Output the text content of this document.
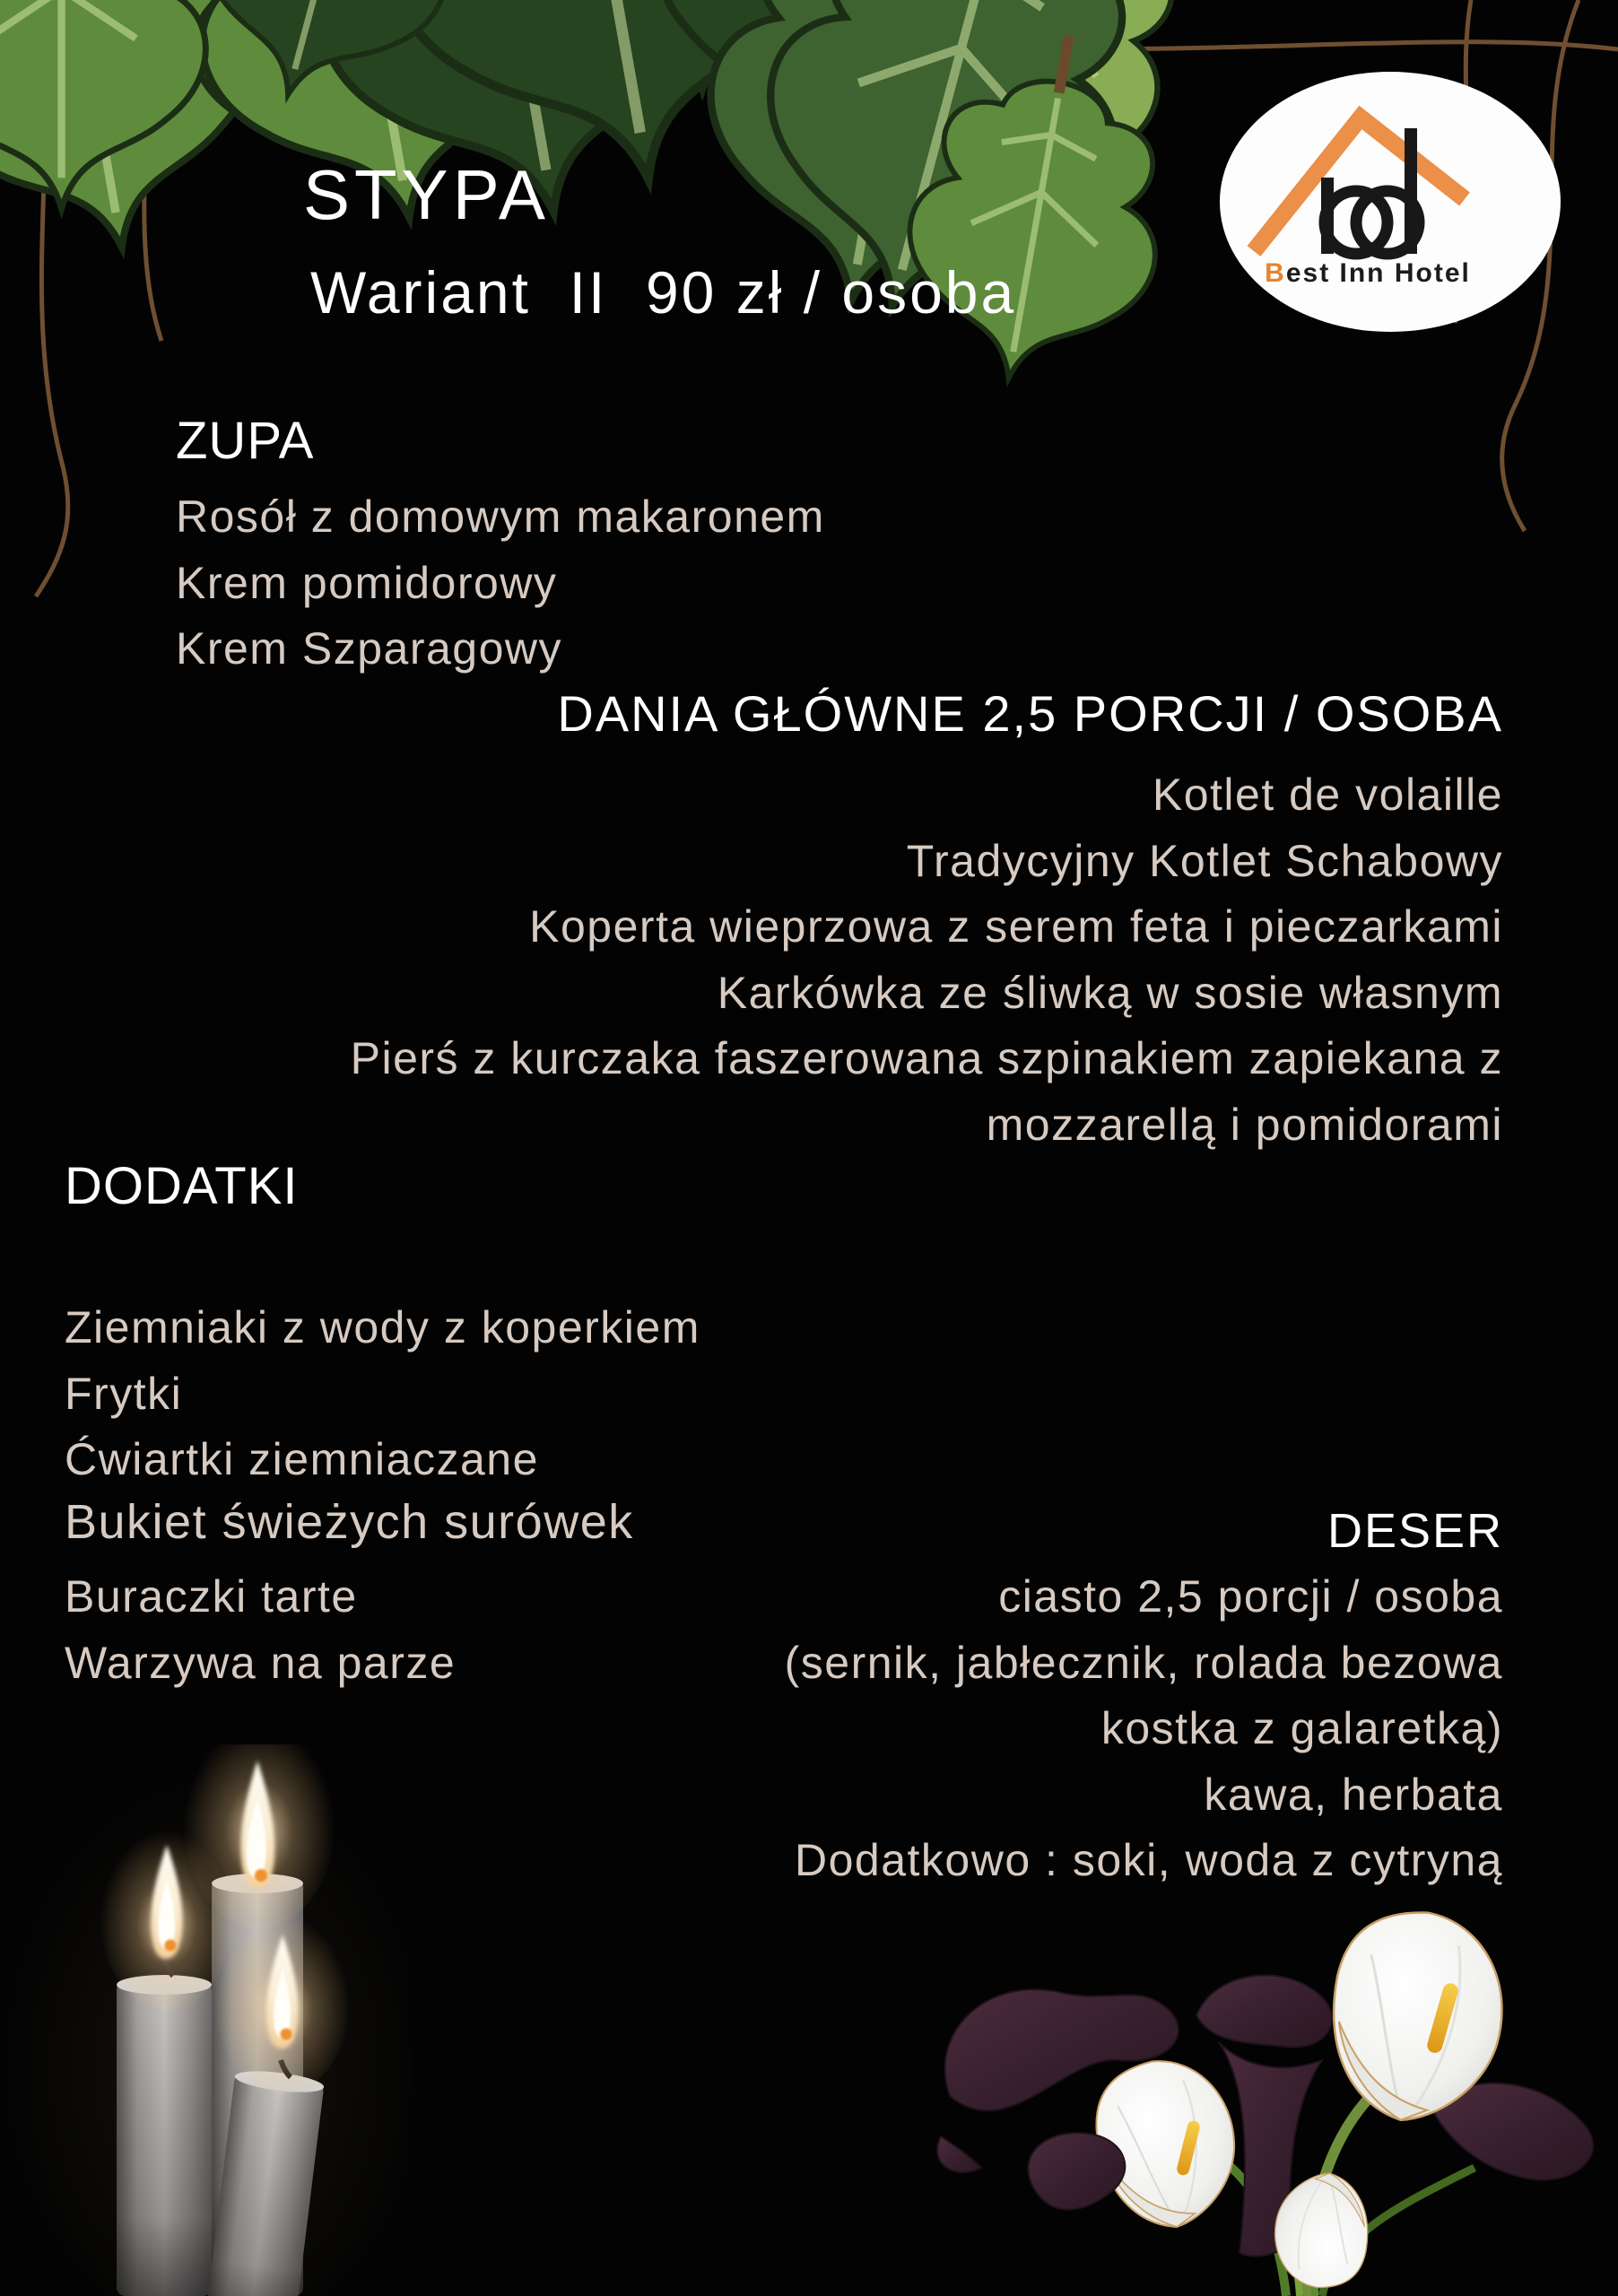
Best Inn Hotel
STYPA
Wariant  II  90 zł / osoba
ZUPA
Rosół z domowym makaronem
Krem pomidorowy
Krem Szparagowy
DANIA GŁÓWNE 2,5 PORCJI / OSOBA
Kotlet de volaille
Tradycyjny Kotlet Schabowy
Koperta wieprzowa z serem feta i pieczarkami
Karkówka ze śliwką w sosie własnym
Pierś z kurczaka faszerowana szpinakiem zapiekana z
mozzarellą i pomidorami
DODATKI
Ziemniaki z wody z koperkiem
Frytki
Ćwiartki ziemniaczane
Bukiet świeżych surówek
Buraczki tarte
Warzywa na parze
DESER
ciasto 2,5 porcji / osoba
(sernik, jabłecznik, rolada bezowa
kostka z galaretką)
kawa, herbata
Dodatkowo : soki, woda z cytryną
